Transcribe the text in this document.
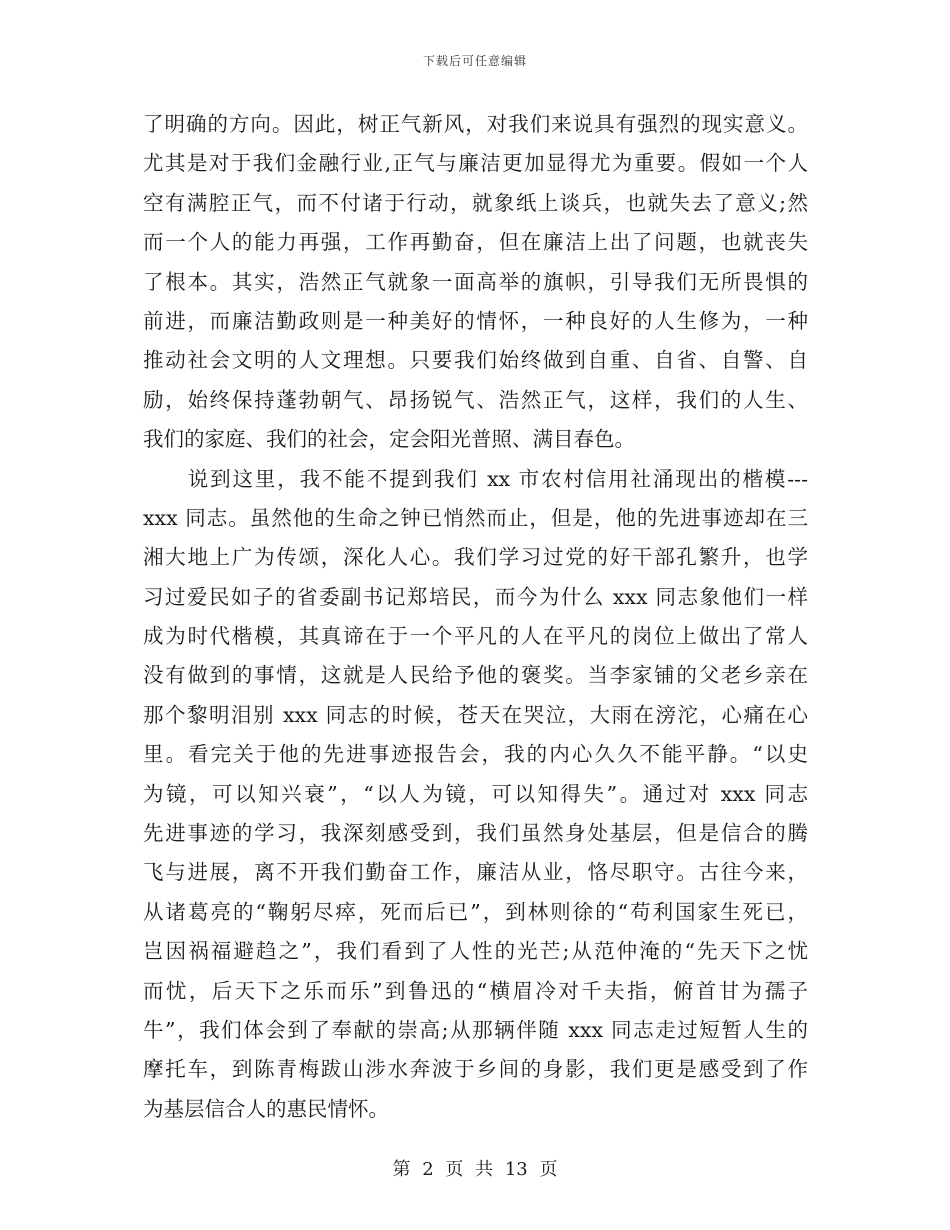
下载后可任意编辑
了明确的方向。因此，树正气新风，对我们来说具有强烈的现实意义。
尤其是对于我们金融行业,正气与廉洁更加显得尤为重要。假如一个人
空有满腔正气，而不付诸于行动，就象纸上谈兵，也就失去了意义;然
而一个人的能力再强，工作再勤奋，但在廉洁上出了问题，也就丧失
了根本。其实，浩然正气就象一面高举的旗帜，引导我们无所畏惧的
前进，而廉洁勤政则是一种美好的情怀，一种良好的人生修为，一种
推动社会文明的人文理想。只要我们始终做到自重、自省、自警、自
励，始终保持蓬勃朝气、昂扬锐气、浩然正气，这样，我们的人生、
我们的家庭、我们的社会，定会阳光普照、满目春色。
　　说到这里，我不能不提到我们 xx 市农村信用社涌现出的楷模---
xxx 同志。虽然他的生命之钟已悄然而止，但是，他的先进事迹却在三
湘大地上广为传颂，深化人心。我们学习过党的好干部孔繁升，也学
习过爱民如子的省委副书记郑培民，而今为什么 xxx 同志象他们一样
成为时代楷模，其真谛在于一个平凡的人在平凡的岗位上做出了常人
没有做到的事情，这就是人民给予他的褒奖。当李家铺的父老乡亲在
那个黎明泪别 xxx 同志的时候，苍天在哭泣，大雨在滂沱，心痛在心
里。看完关于他的先进事迹报告会，我的内心久久不能平静。“以史
为镜，可以知兴衰”，“以人为镜，可以知得失”。通过对 xxx 同志
先进事迹的学习，我深刻感受到，我们虽然身处基层，但是信合的腾
飞与进展，离不开我们勤奋工作，廉洁从业，恪尽职守。古往今来，
从诸葛亮的“鞠躬尽瘁，死而后已”，到林则徐的“苟利国家生死已，
岂因祸福避趋之”，我们看到了人性的光芒;从范仲淹的“先天下之忧
而忧，后天下之乐而乐”到鲁迅的“横眉冷对千夫指，俯首甘为孺子
牛”，我们体会到了奉献的崇高;从那辆伴随 xxx 同志走过短暂人生的
摩托车，到陈青梅跋山涉水奔波于乡间的身影，我们更是感受到了作
为基层信合人的惠民情怀。
第 2 页 共 13 页
